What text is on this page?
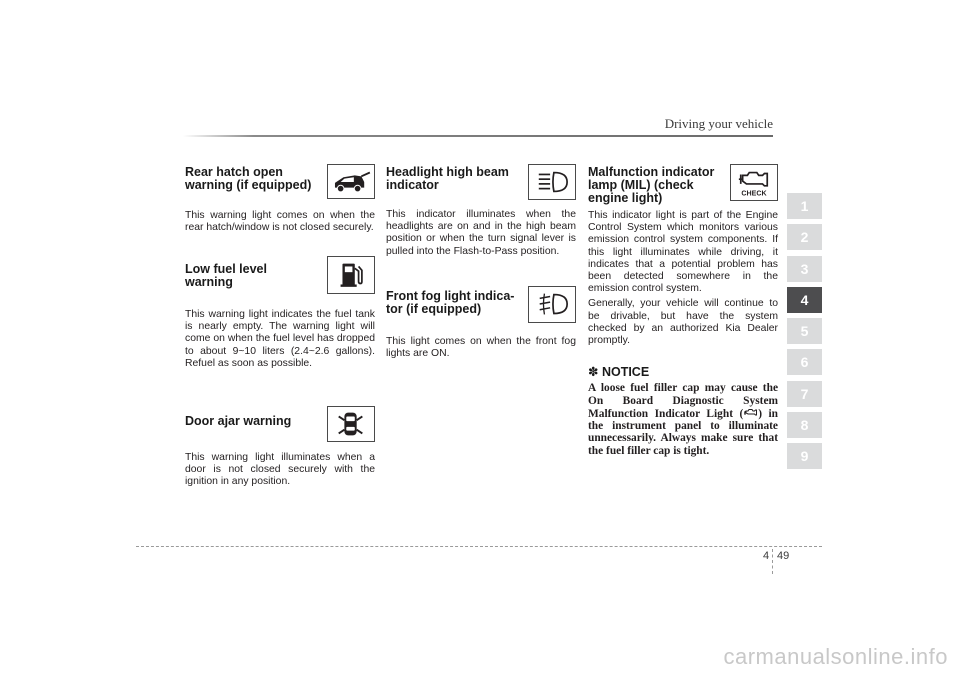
Driving your vehicle

Rear hatch open
warning (if equipped)

This warning light comes on when the rear hatch/window is not closed securely.

Low fuel level
warning

This warning light indicates the fuel tank is nearly empty. The warning light will come on when the fuel level has dropped to about 9~10 liters (2.4~2.6 gallons). Refuel as soon as possible.

Door ajar warning

This warning light illuminates when a door is not closed securely with the ignition in any position.

Headlight high beam
indicator

This indicator illuminates when the headlights are on and in the high beam position or when the turn signal lever is pulled into the Flash-to-Pass position.

Front fog light indica-
tor (if equipped)

This light comes on when the front fog lights are ON.

Malfunction indicator
lamp (MIL) (check
engine light)	CHECK

This indicator light is part of the Engine Control System which monitors various emission control system components. If this light illuminates while driving, it indicates that a potential problem has been detected somewhere in the emission control system.

Generally, your vehicle will continue to be drivable, but have the system checked by an authorized Kia Dealer promptly.

✽ NOTICE

A loose fuel filler cap may cause the On Board Diagnostic System Malfunction Indicator Light ( ) in the instrument panel to illuminate unnecessarily. Always make sure that the fuel filler cap is tight.

1
2
3
4
5
6
7
8
9
4 49
carmanualsonline.info
